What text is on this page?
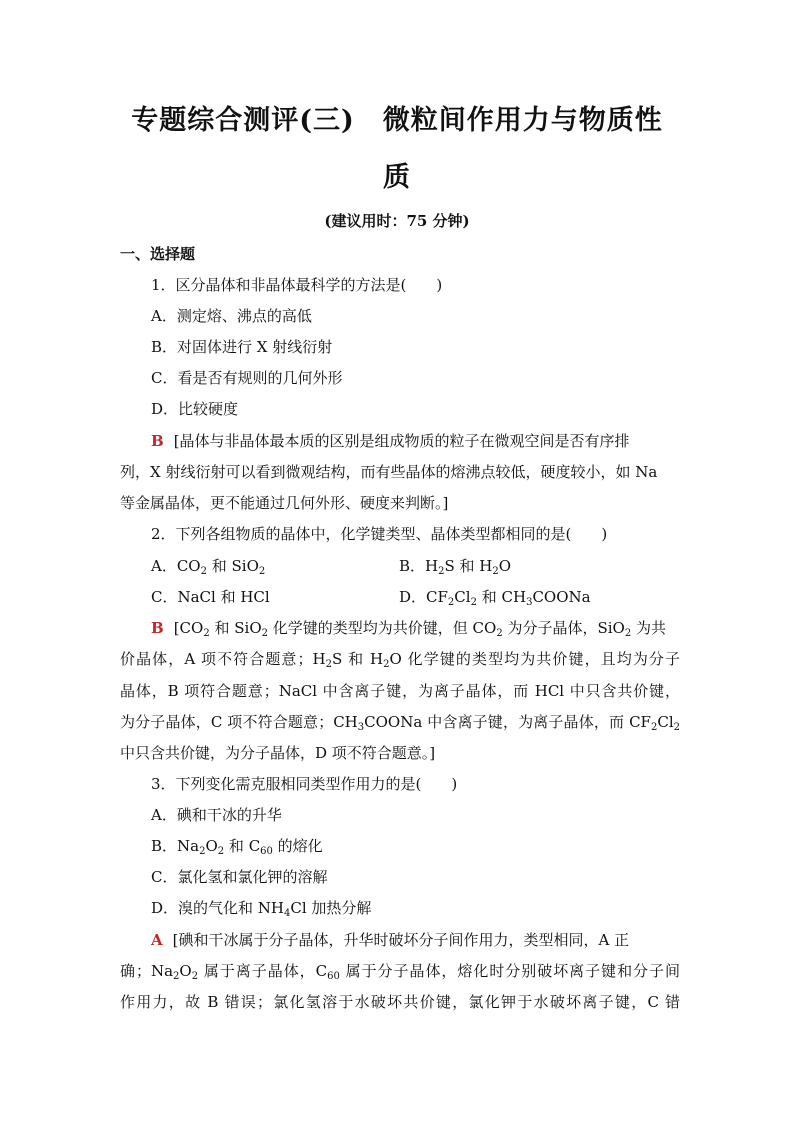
专题综合测评(三)　微粒间作用力与物质性
质
(建议用时：75 分钟)
一、选择题
1．区分晶体和非晶体最科学的方法是(　　)
A．测定熔、沸点的高低
B．对固体进行 X 射线衍射
C．看是否有规则的几何外形
D．比较硬度
B [晶体与非晶体最本质的区别是组成物质的粒子在微观空间是否有序排
列，X 射线衍射可以看到微观结构，而有些晶体的熔沸点较低，硬度较小，如 Na
等金属晶体，更不能通过几何外形、硬度来判断。]
2．下列各组物质的晶体中，化学键类型、晶体类型都相同的是(　　)
A．$CO_2$ 和 SiO$_2$	B．$H_2S$ 和 $H_2O$
C．NaCl 和 HCl	D．$CF_2Cl_2$ 和 $CH_3COONa$
B [$CO_2$ 和 SiO$_2$ 化学键的类型均为共价键，但 $CO_2$ 为分子晶体，SiO$_2$ 为共
价晶体，A 项不符合题意；$H_2S$ 和 $H_2O$ 化学键的类型均为共价键，且均为分子
晶体，B 项符合题意；NaCl 中含离子键，为离子晶体，而 HCl 中只含共价键，
为分子晶体，C 项不符合题意；$CH_3COONa$ 中含离子键，为离子晶体，而 $CF_2Cl_2$
中只含共价键，为分子晶体，D 项不符合题意。]
3．下列变化需克服相同类型作用力的是(　　)
A．碘和干冰的升华
B．$Na_2O_2$ 和 $C_{60}$ 的熔化
C．氯化氢和氯化钾的溶解
D．溴的气化和 $NH_4Cl$ 加热分解
A [碘和干冰属于分子晶体，升华时破坏分子间作用力，类型相同，A 正
确；$Na_2O_2$ 属于离子晶体，$C_{60}$ 属于分子晶体，熔化时分别破坏离子键和分子间
作用力，故 B 错误；氯化氢溶于水破坏共价键，氯化钾于水破坏离子键，C 错
